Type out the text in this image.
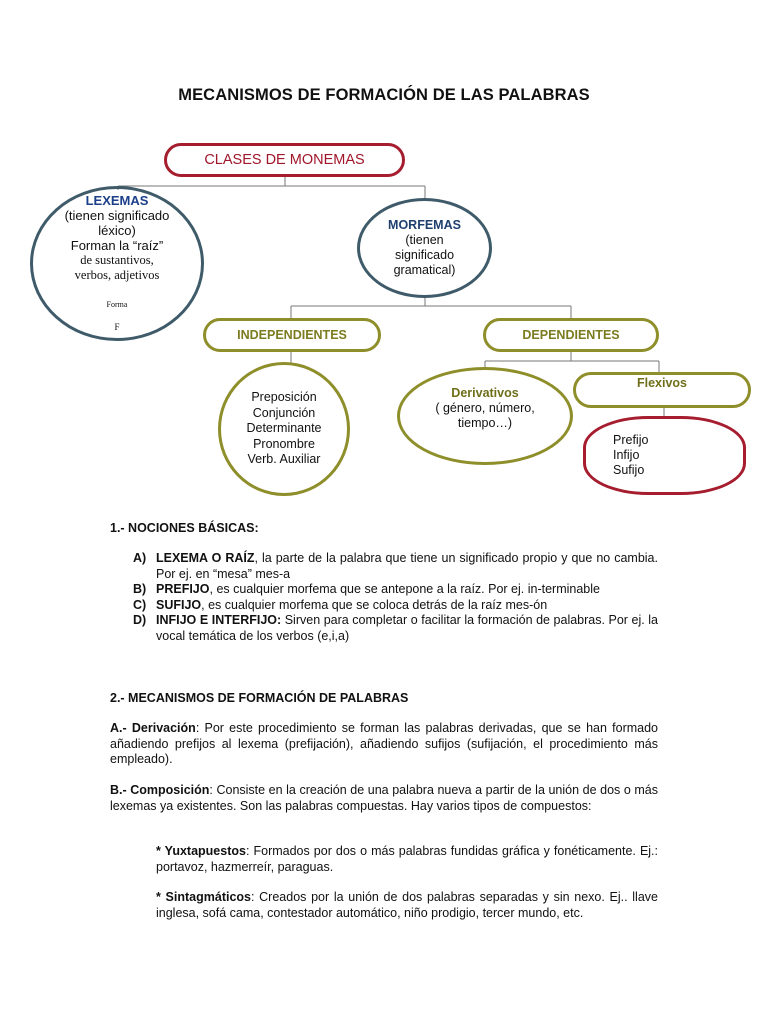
MECANISMOS DE FORMACIÓN DE LAS PALABRAS
CLASES DE MONEMAS
LEXEMAS
(tienen significado
léxico)
Forman la “raíz”
de sustantivos,
verbos, adjetivos
Forma
F
MORFEMAS
(tienen
significado
gramatical)
INDEPENDIENTES	DEPENDIENTES
Preposición
Conjunción
Determinante
Pronombre
Verb. Auxiliar
Derivativos
( género, número,
tiempo…)
Flexivos
Prefijo
Infijo
Sufijo
1.- NOCIONES BÁSICAS:
A) LEXEMA O RAÍZ, la parte de la palabra que tiene un significado propio y que no cambia. Por ej. en “mesa” mes-a
B) PREFIJO, es cualquier morfema que se antepone a la raíz. Por ej. in-terminable
C) SUFIJO, es cualquier morfema que se coloca detrás de la raíz mes-ón
D) INFIJO E INTERFIJO: Sirven para completar o facilitar la formación de palabras. Por ej. la vocal temática de los verbos (e,i,a)
2.- MECANISMOS DE FORMACIÓN DE PALABRAS
A.- Derivación: Por este procedimiento se forman las palabras derivadas, que se han formado añadiendo prefijos al lexema (prefijación), añadiendo sufijos (sufijación, el procedimiento más empleado).
B.- Composición: Consiste en la creación de una palabra nueva a partir de la unión de dos o más lexemas ya existentes. Son las palabras compuestas. Hay varios tipos de compuestos:
* Yuxtapuestos: Formados por dos o más palabras fundidas gráfica y fonéticamente. Ej.: portavoz, hazmerreír, paraguas.
* Sintagmáticos: Creados por la unión de dos palabras separadas y sin nexo. Ej.. llave inglesa, sofá cama, contestador automático, niño prodigio, tercer mundo, etc.
